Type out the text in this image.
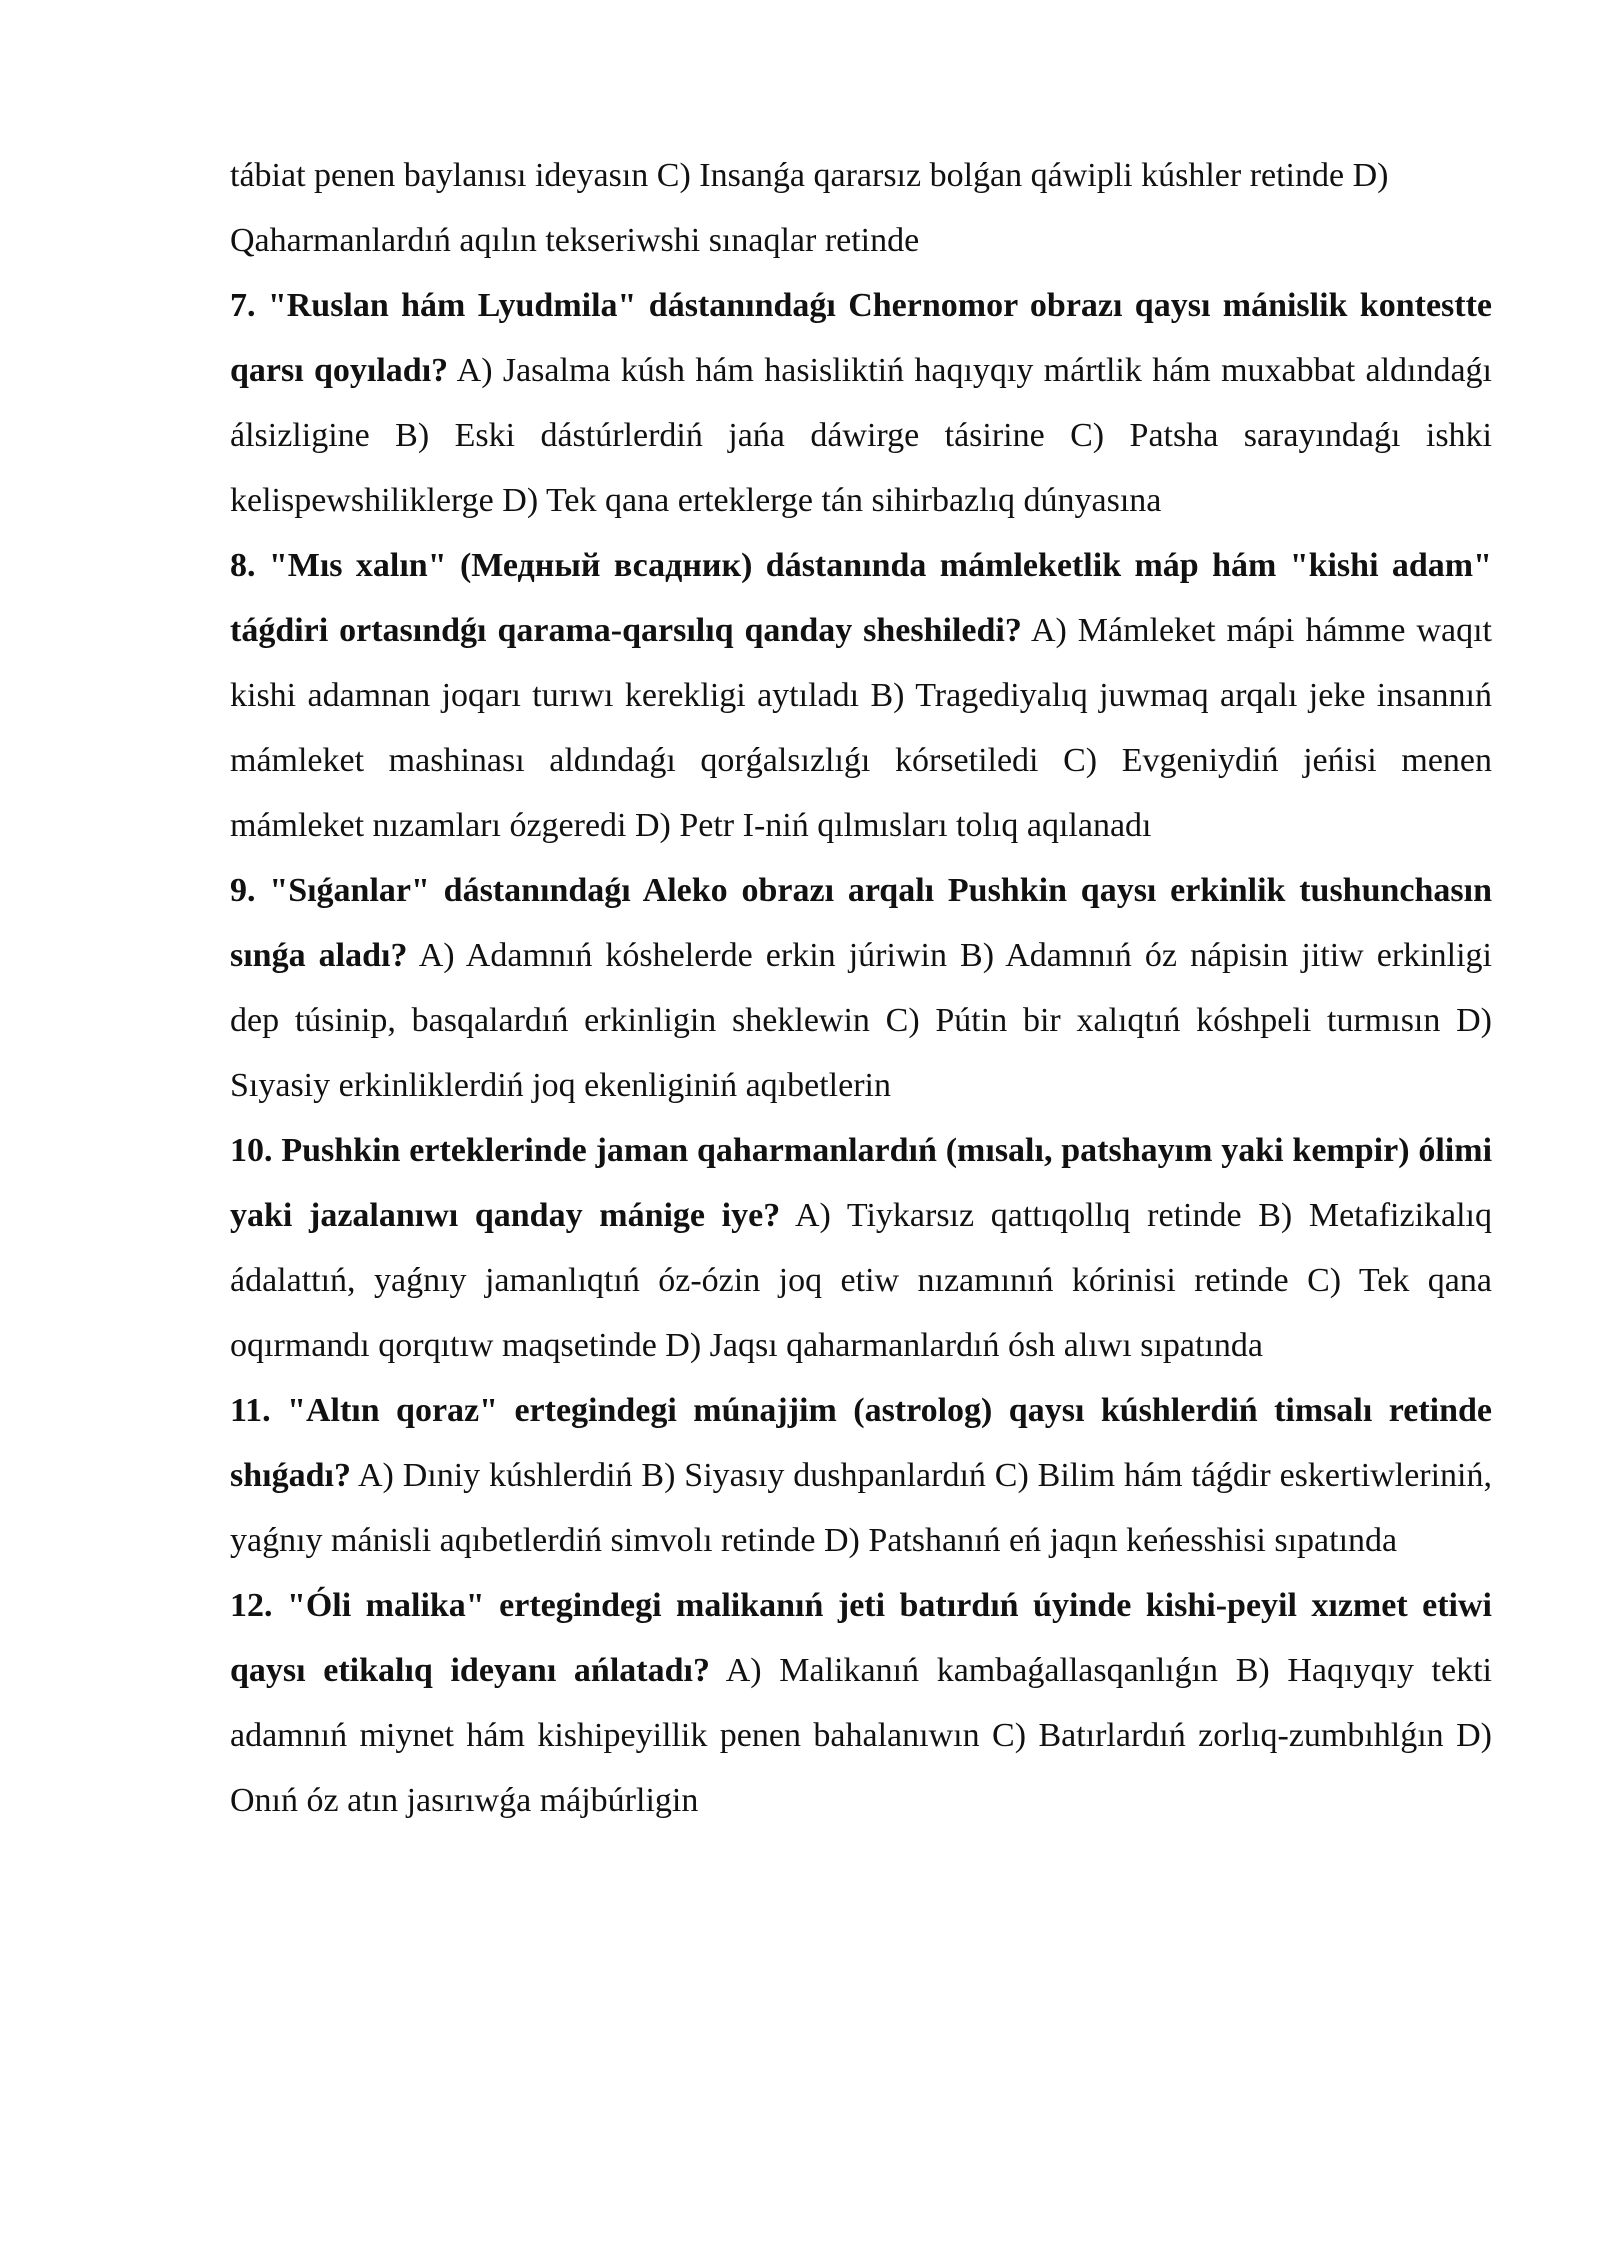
tábiat penen baylanısı ideyasın C) Insanǵa qararsız bolǵan qáwipli kúshler retinde D) Qaharmanlardıń aqılın tekseriwshi sınaqlar retinde

7. "Ruslan hám Lyudmila" dástanındaǵı Chernomor obrazı qaysı mánislik kontestte qarsı qoyıladı? A) Jasalma kúsh hám hasisliktiń haqıyqıy mártlik hám muxabbat aldındaǵı álsizligine B) Eski dástúrlerdiń jańa dáwirge tásirine C) Patsha sarayındaǵı ishki kelispewshiliklerge D) Tek qana erteklerge tán sihirbazlıq dúnyasına

8. "Mıs xalın" (Медный всадник) dástanında mámleketlik máp hám "kishi adam" táǵdiri ortasındǵı qarama-qarsılıq qanday sheshiledi? A) Mámleket mápi hámme waqıt kishi adamnan joqarı turıwı kerekligi aytıladı B) Tragediyalıq juwmaq arqalı jeke insannıń mámleket mashinası aldındaǵı qorǵalsızlıǵı kórsetiledi C) Evgeniydiń jeńisi menen mámleket nızamları ózgeredi D) Petr I-niń qılmısları tolıq aqılanadı

9. "Sıǵanlar" dástanındaǵı Aleko obrazı arqalı Pushkin qaysı erkinlik tushunchasın sınǵa aladı? A) Adamnıń kóshelerde erkin júriwin B) Adamnıń óz nápisin jitiw erkinligi dep túsinip, basqalardıń erkinligin sheklewin C) Pútin bir xalıqtıń kóshpeli turmısın D) Sıyasiy erkinliklerdiń joq ekenliginiń aqıbetlerin

10. Pushkin erteklerinde jaman qaharmanlardıń (mısalı, patshayım yaki kempir) ólimi yaki jazalanıwı qanday mánige iye? A) Tiykarsız qattıqollıq retinde B) Metafizikalıq ádalattıń, yaǵnıy jamanlıqtıń óz-ózin joq etiw nızamınıń kórinisi retinde C) Tek qana oqırmandı qorqıtıw maqsetinde D) Jaqsı qaharmanlardıń ósh alıwı sıpatında

11. "Altın qoraz" ertegindegi múnajjim (astrolog) qaysı kúshlerdiń timsalı retinde shıǵadı? A) Dıniy kúshlerdiń B) Siyasıy dushpanlardıń C) Bilim hám táǵdir eskertiwleriniń, yaǵnıy mánisli aqıbetlerdiń simvolı retinde D) Patshanıń eń jaqın keńesshisi sıpatında

12. "Óli malika" ertegindegi malikanıń jeti batırdıń úyinde kishi-peyil xızmet etiwi qaysı etikalıq ideyanı ańlatadı? A) Malikanıń kambaǵallasqanlıǵın B) Haqıyqıy tekti adamnıń miynet hám kishipeyillik penen bahalanıwın C) Batırlardıń zorlıq-zumbıhlǵın D) Onıń óz atın jasırıwǵa májbúrligin
